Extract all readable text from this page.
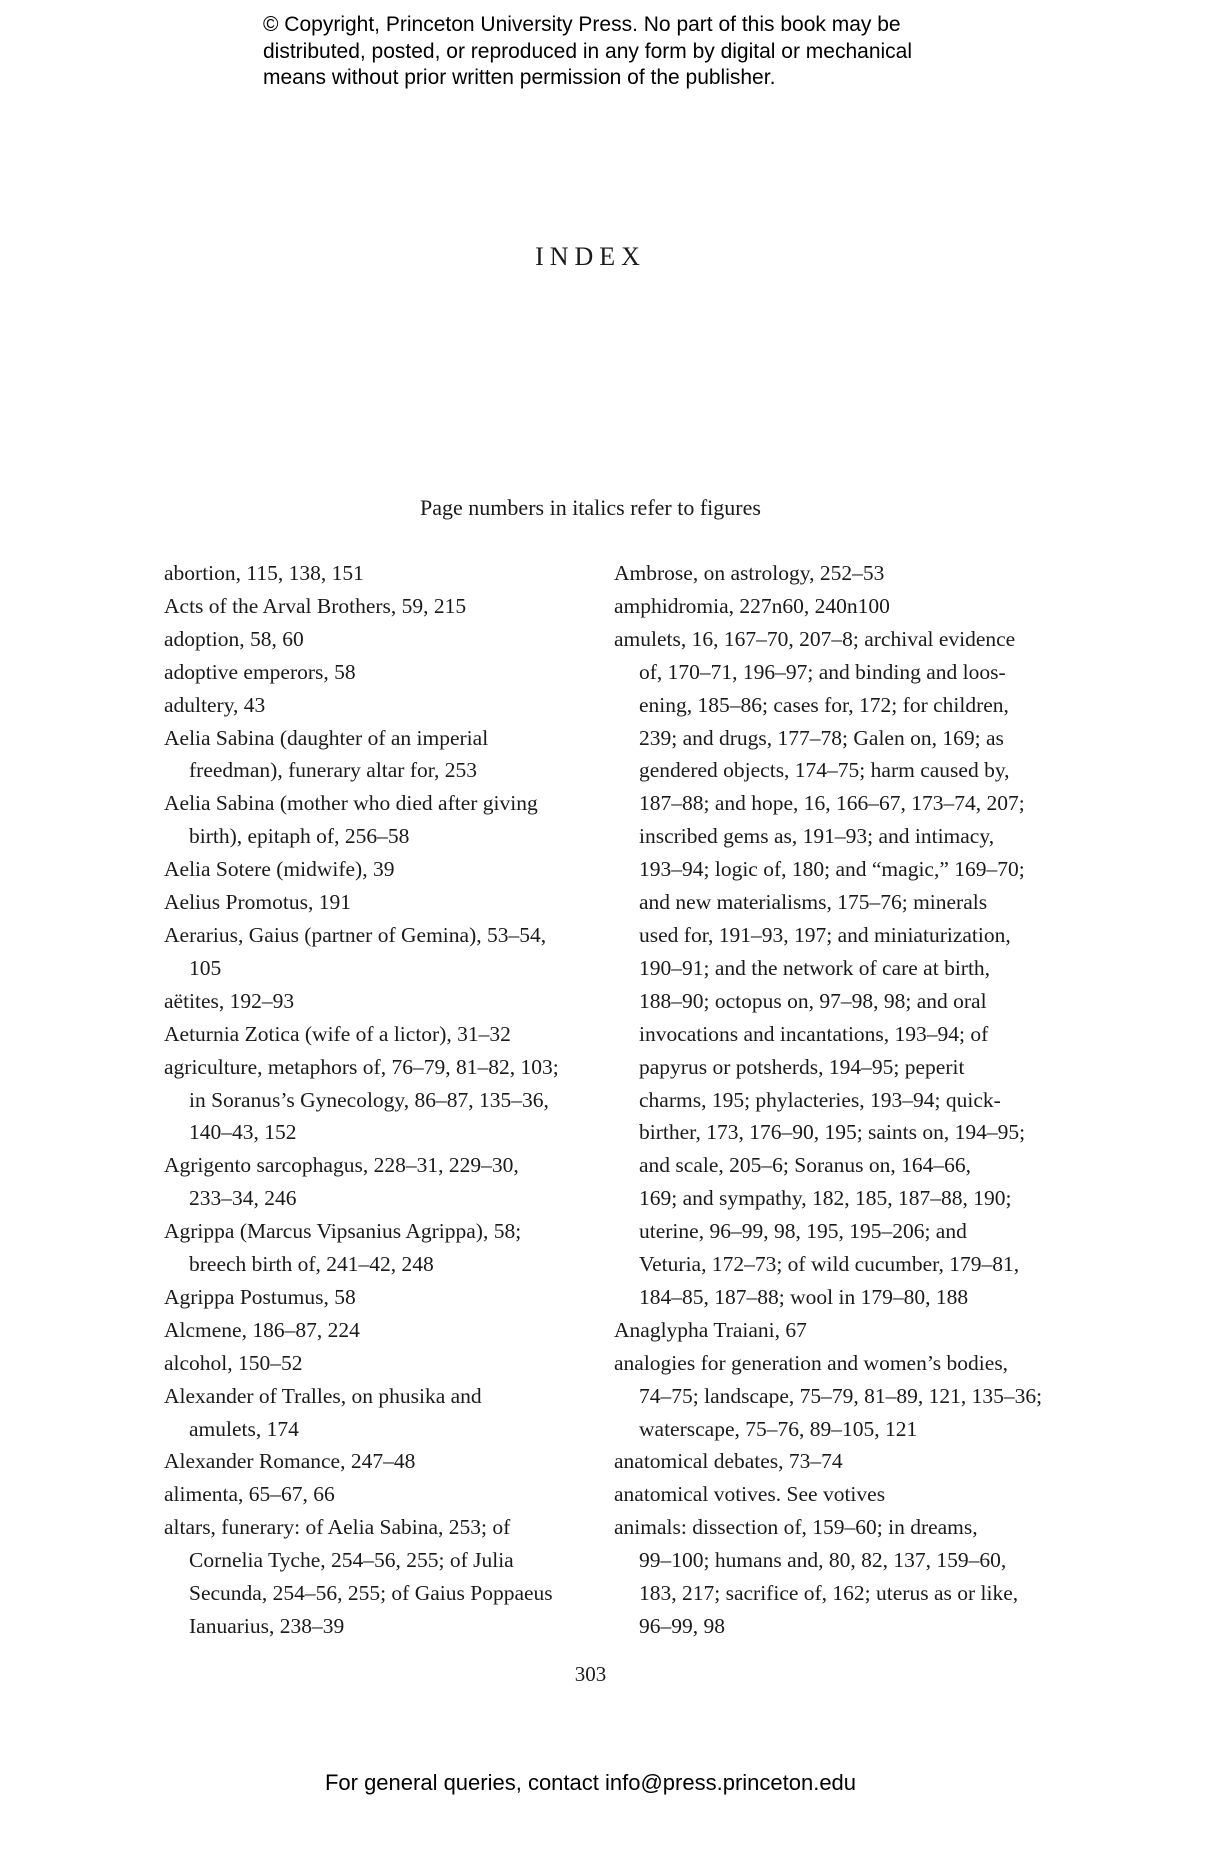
© Copyright, Princeton University Press. No part of this book may be
distributed, posted, or reproduced in any form by digital or mechanical
means without prior written permission of the publisher.
INDEX
Page numbers in italics refer to figures
abortion, 115, 138, 151
Acts of the Arval Brothers, 59, 215
adoption, 58, 60
adoptive emperors, 58
adultery, 43
Aelia Sabina (daughter of an imperial
freedman), funerary altar for, 253
Aelia Sabina (mother who died after giving
birth), epitaph of, 256–58
Aelia Sotere (midwife), 39
Aelius Promotus, 191
Aerarius, Gaius (partner of Gemina), 53–54,
105
aëtites, 192–93
Aeturnia Zotica (wife of a lictor), 31–32
agriculture, metaphors of, 76–79, 81–82, 103;
in Soranus’s Gynecology, 86–87, 135–36,
140–43, 152
Agrigento sarcophagus, 228–31, 229–30,
233–34, 246
Agrippa (Marcus Vipsanius Agrippa), 58;
breech birth of, 241–42, 248
Agrippa Postumus, 58
Alcmene, 186–87, 224
alcohol, 150–52
Alexander of Tralles, on phusika and
amulets, 174
Alexander Romance, 247–48
alimenta, 65–67, 66
altars, funerary: of Aelia Sabina, 253; of
Cornelia Tyche, 254–56, 255; of Julia
Secunda, 254–56, 255; of Gaius Poppaeus
Ianuarius, 238–39
Ambrose, on astrology, 252–53
amphidromia, 227n60, 240n100
amulets, 16, 167–70, 207–8; archival evidence
of, 170–71, 196–97; and binding and loos-
ening, 185–86; cases for, 172; for children,
239; and drugs, 177–78; Galen on, 169; as
gendered objects, 174–75; harm caused by,
187–88; and hope, 16, 166–67, 173–74, 207;
inscribed gems as, 191–93; and intimacy,
193–94; logic of, 180; and “magic,” 169–70;
and new materialisms, 175–76; minerals
used for, 191–93, 197; and miniaturization,
190–91; and the network of care at birth,
188–90; octopus on, 97–98, 98; and oral
invocations and incantations, 193–94; of
papyrus or potsherds, 194–95; peperit
charms, 195; phylacteries, 193–94; quick-
birther, 173, 176–90, 195; saints on, 194–95;
and scale, 205–6; Soranus on, 164–66,
169; and sympathy, 182, 185, 187–88, 190;
uterine, 96–99, 98, 195, 195–206; and
Veturia, 172–73; of wild cucumber, 179–81,
184–85, 187–88; wool in 179–80, 188
Anaglypha Traiani, 67
analogies for generation and women’s bodies,
74–75; landscape, 75–79, 81–89, 121, 135–36;
waterscape, 75–76, 89–105, 121
anatomical debates, 73–74
anatomical votives. See votives
animals: dissection of, 159–60; in dreams,
99–100; humans and, 80, 82, 137, 159–60,
183, 217; sacrifice of, 162; uterus as or like,
96–99, 98
303
For general queries, contact info@press.princeton.edu
